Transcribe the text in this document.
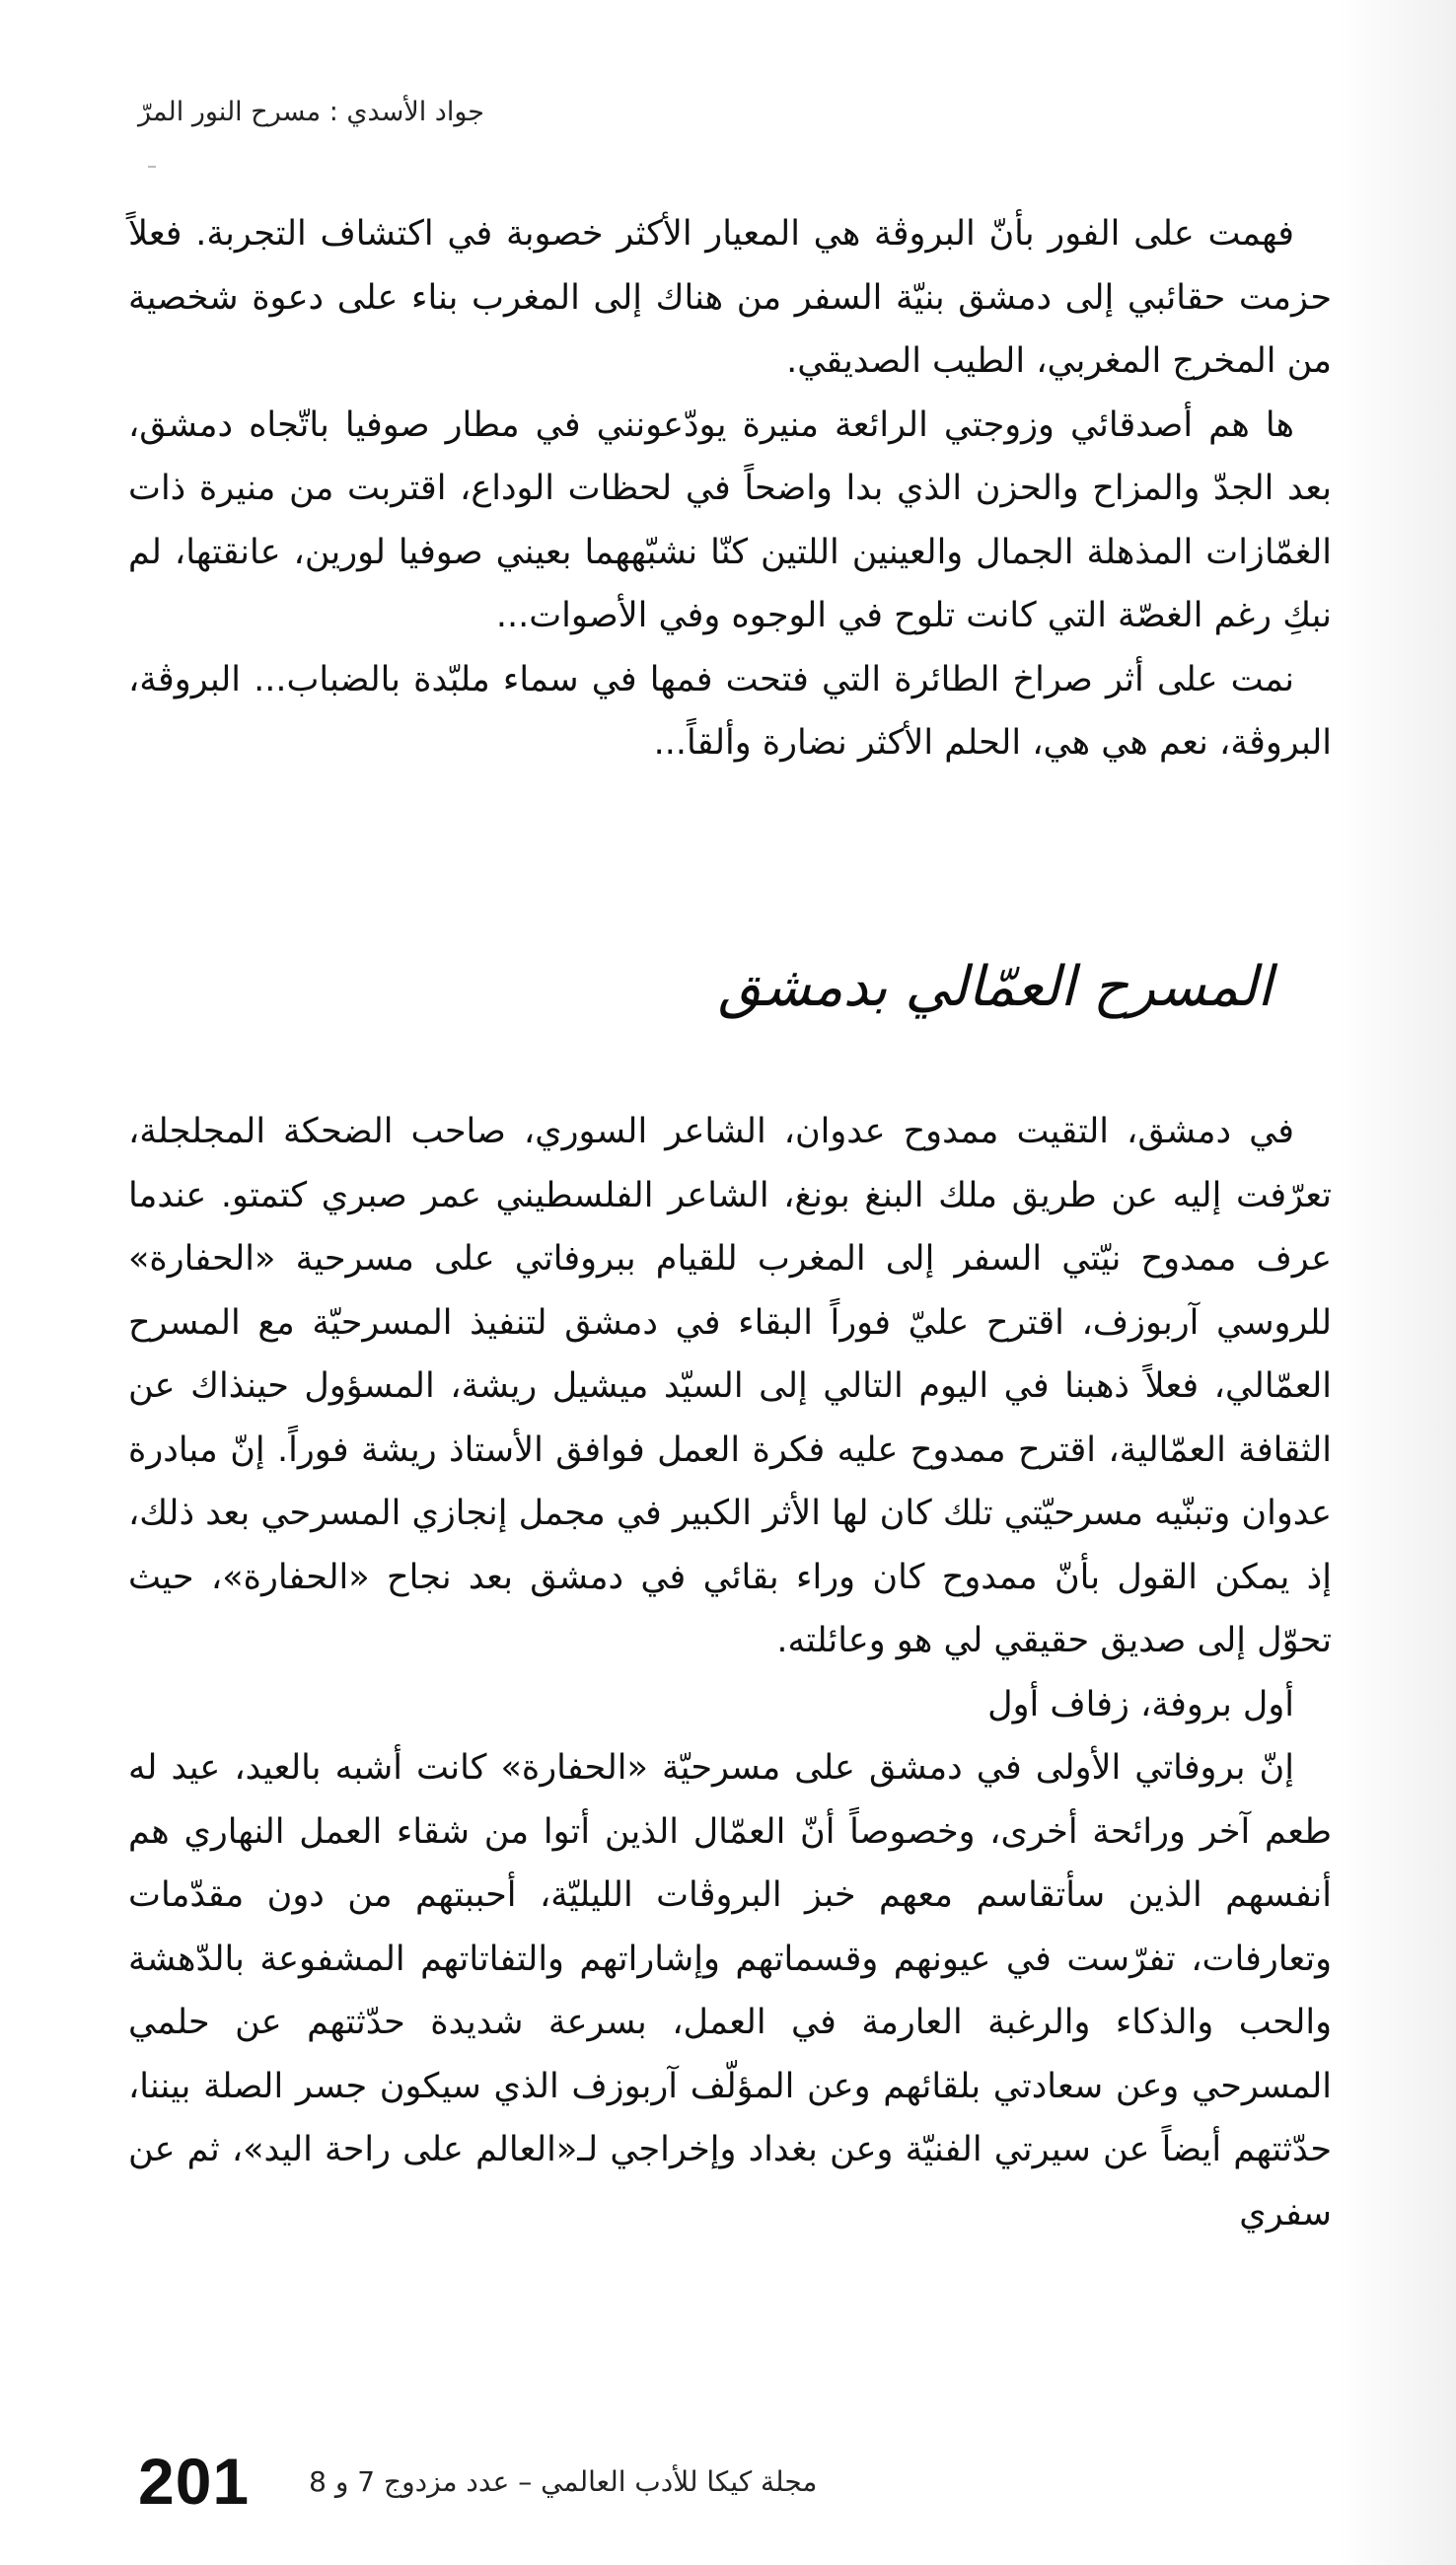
جواد الأسدي : مسرح النور المرّ

فهمت على الفور بأنّ البروڤة هي المعيار الأكثر خصوبة في اكتشاف التجربة. فعلاً حزمت حقائبي إلى دمشق بنيّة السفر من هناك إلى المغرب بناء على دعوة شخصية من المخرج المغربي، الطيب الصديقي.

ها هم أصدقائي وزوجتي الرائعة منيرة يودّعونني في مطار صوفيا باتّجاه دمشق، بعد الجدّ والمزاح والحزن الذي بدا واضحاً في لحظات الوداع، اقتربت من منيرة ذات الغمّازات المذهلة الجمال والعينين اللتين كنّا نشبّههما بعيني صوفيا لورين، عانقتها، لم نبكِ رغم الغصّة التي كانت تلوح في الوجوه وفي الأصوات...

نمت على أثر صراخ الطائرة التي فتحت فمها في سماء ملبّدة بالضباب... البروڤة، البروڤة، نعم هي هي، الحلم الأكثر نضارة وألقاً...

المسرح العمّالي بدمشق

في دمشق، التقيت ممدوح عدوان، الشاعر السوري، صاحب الضحكة المجلجلة، تعرّفت إليه عن طريق ملك البنغ بونغ، الشاعر الفلسطيني عمر صبري كتمتو. عندما عرف ممدوح نيّتي السفر إلى المغرب للقيام ببروفاتي على مسرحية «الحفارة» للروسي آربوزف، اقترح عليّ فوراً البقاء في دمشق لتنفيذ المسرحيّة مع المسرح العمّالي، فعلاً ذهبنا في اليوم التالي إلى السيّد ميشيل ريشة، المسؤول حينذاك عن الثقافة العمّالية، اقترح ممدوح عليه فكرة العمل فوافق الأستاذ ريشة فوراً. إنّ مبادرة عدوان وتبنّيه مسرحيّتي تلك كان لها الأثر الكبير في مجمل إنجازي المسرحي بعد ذلك، إذ يمكن القول بأنّ ممدوح كان وراء بقائي في دمشق بعد نجاح «الحفارة»، حيث تحوّل إلى صديق حقيقي لي هو وعائلته.

أول بروفة، زفاف أول

إنّ بروفاتي الأولى في دمشق على مسرحيّة «الحفارة» كانت أشبه بالعيد، عيد له طعم آخر ورائحة أخرى، وخصوصاً أنّ العمّال الذين أتوا من شقاء العمل النهاري هم أنفسهم الذين سأتقاسم معهم خبز البروڤات الليليّة، أحببتهم من دون مقدّمات وتعارفات، تفرّست في عيونهم وقسماتهم وإشاراتهم والتفاتاتهم المشفوعة بالدّهشة والحب والذكاء والرغبة العارمة في العمل، بسرعة شديدة حدّثتهم عن حلمي المسرحي وعن سعادتي بلقائهم وعن المؤلّف آربوزف الذي سيكون جسر الصلة بيننا، حدّثتهم أيضاً عن سيرتي الفنيّة وعن بغداد وإخراجي لـ«العالم على راحة اليد»، ثم عن سفري

201 مجلة كيكا للأدب العالمي – عدد مزدوج 7 و 8
